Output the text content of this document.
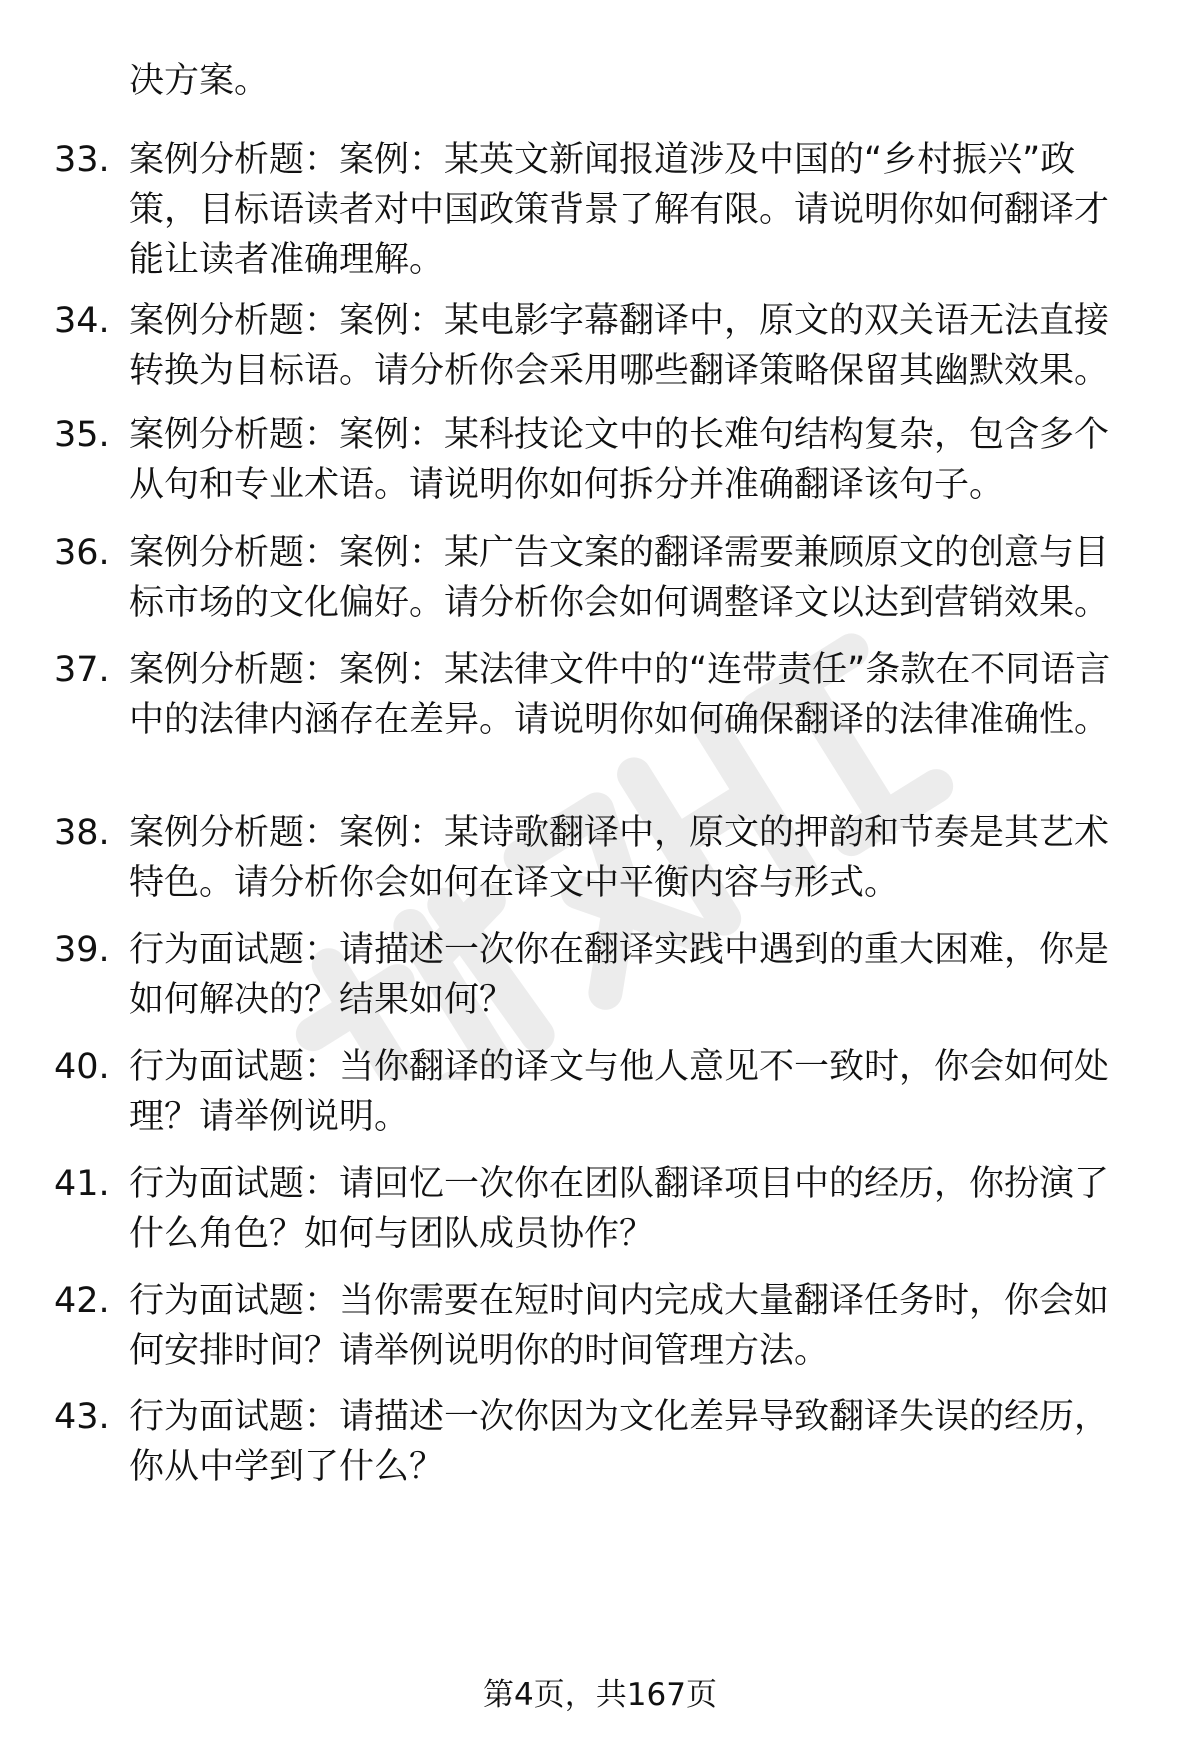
决方案。
33. 案例分析题：案例：某英文新闻报道涉及中国的“乡村振兴”政策，目标语读者对中国政策背景了解有限。请说明你如何翻译才能让读者准确理解。
34. 案例分析题：案例：某电影字幕翻译中，原文的双关语无法直接转换为目标语。请分析你会采用哪些翻译策略保留其幽默效果。
35. 案例分析题：案例：某科技论文中的长难句结构复杂，包含多个从句和专业术语。请说明你如何拆分并准确翻译该句子。
36. 案例分析题：案例：某广告文案的翻译需要兼顾原文的创意与目标市场的文化偏好。请分析你会如何调整译文以达到营销效果。
37. 案例分析题：案例：某法律文件中的“连带责任”条款在不同语言中的法律内涵存在差异。请说明你如何确保翻译的法律准确性。
38. 案例分析题：案例：某诗歌翻译中，原文的押韵和节奏是其艺术特色。请分析你会如何在译文中平衡内容与形式。
39. 行为面试题：请描述一次你在翻译实践中遇到的重大困难，你是如何解决的？结果如何？
40. 行为面试题：当你翻译的译文与他人意见不一致时，你会如何处理？请举例说明。
41. 行为面试题：请回忆一次你在团队翻译项目中的经历，你扮演了什么角色？如何与团队成员协作？
42. 行为面试题：当你需要在短时间内完成大量翻译任务时，你会如何安排时间？请举例说明你的时间管理方法。
43. 行为面试题：请描述一次你因为文化差异导致翻译失误的经历，你从中学到了什么？
第4页，共167页
